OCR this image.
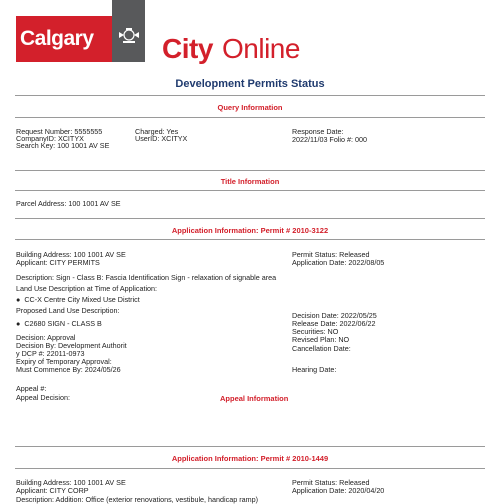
Calgary City Online
Development Permits Status
Query Information
Request Number: 5555555
CompanyID: XCITYX
Search Key: 100 1001 AV SE
Charged: Yes
UserID: XCITYX
Response Date:
2022/11/03 Folio #: 000
Title Information
Parcel Address: 100 1001 AV SE
Application Information: Permit # 2010-3122
Building Address: 100 1001 AV SE
Applicant: CITY PERMITS
Permit Status: Released
Application Date: 2022/08/05
Description: Sign - Class B: Fascia Identification Sign - relaxation of signable area
Land Use Description at Time of Application:
● CC-X Centre City Mixed Use District
Proposed Land Use Description:
● C2680 SIGN - CLASS B
Decision: Approval
Decision By: Development Authorit
y DCP #: 22011-0973
Expiry of Temporary Approval:
Must Commence By: 2024/05/26
Decision Date: 2022/05/25
Release Date: 2022/06/22
Securities: NO
Revised Plan: NO
Cancellation Date:
Hearing Date:
Appeal #:
Appeal Decision:	Appeal Information
Application Information: Permit # 2010-1449
Building Address: 100 1001 AV SE
Applicant: CITY CORP
Permit Status: Released
Application Date: 2020/04/20
Description: Addition: Office (exterior renovations, vestibule, handicap ramp)
